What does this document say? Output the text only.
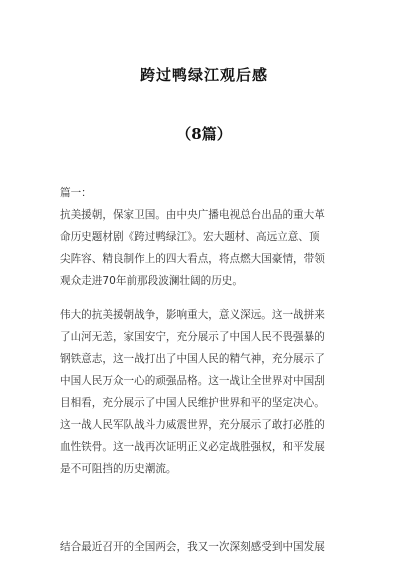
跨过鸭绿江观后感
（8篇）

篇一：

抗美援朝，保家卫国。由中央广播电视总台出品的重大革
命历史题材剧《跨过鸭绿江》。宏大题材、高远立意、顶
尖阵容、精良制作上的四大看点，将点燃大国豪情，带领
观众走进70年前那段波澜壮阔的历史。

伟大的抗美援朝战争，影响重大，意义深远。这一战拼来
了山河无恙，家国安宁，充分展示了中国人民不畏强暴的
钢铁意志，这一战打出了中国人民的精气神，充分展示了
中国人民万众一心的顽强品格。这一战让全世界对中国刮
目相看，充分展示了中国人民维护世界和平的坚定决心。
这一战人民军队战斗力威震世界，充分展示了敢打必胜的
血性铁骨。这一战再次证明正义必定战胜强权，和平发展
是不可阻挡的历史潮流。

结合最近召开的全国两会，我又一次深刻感受到中国发展
